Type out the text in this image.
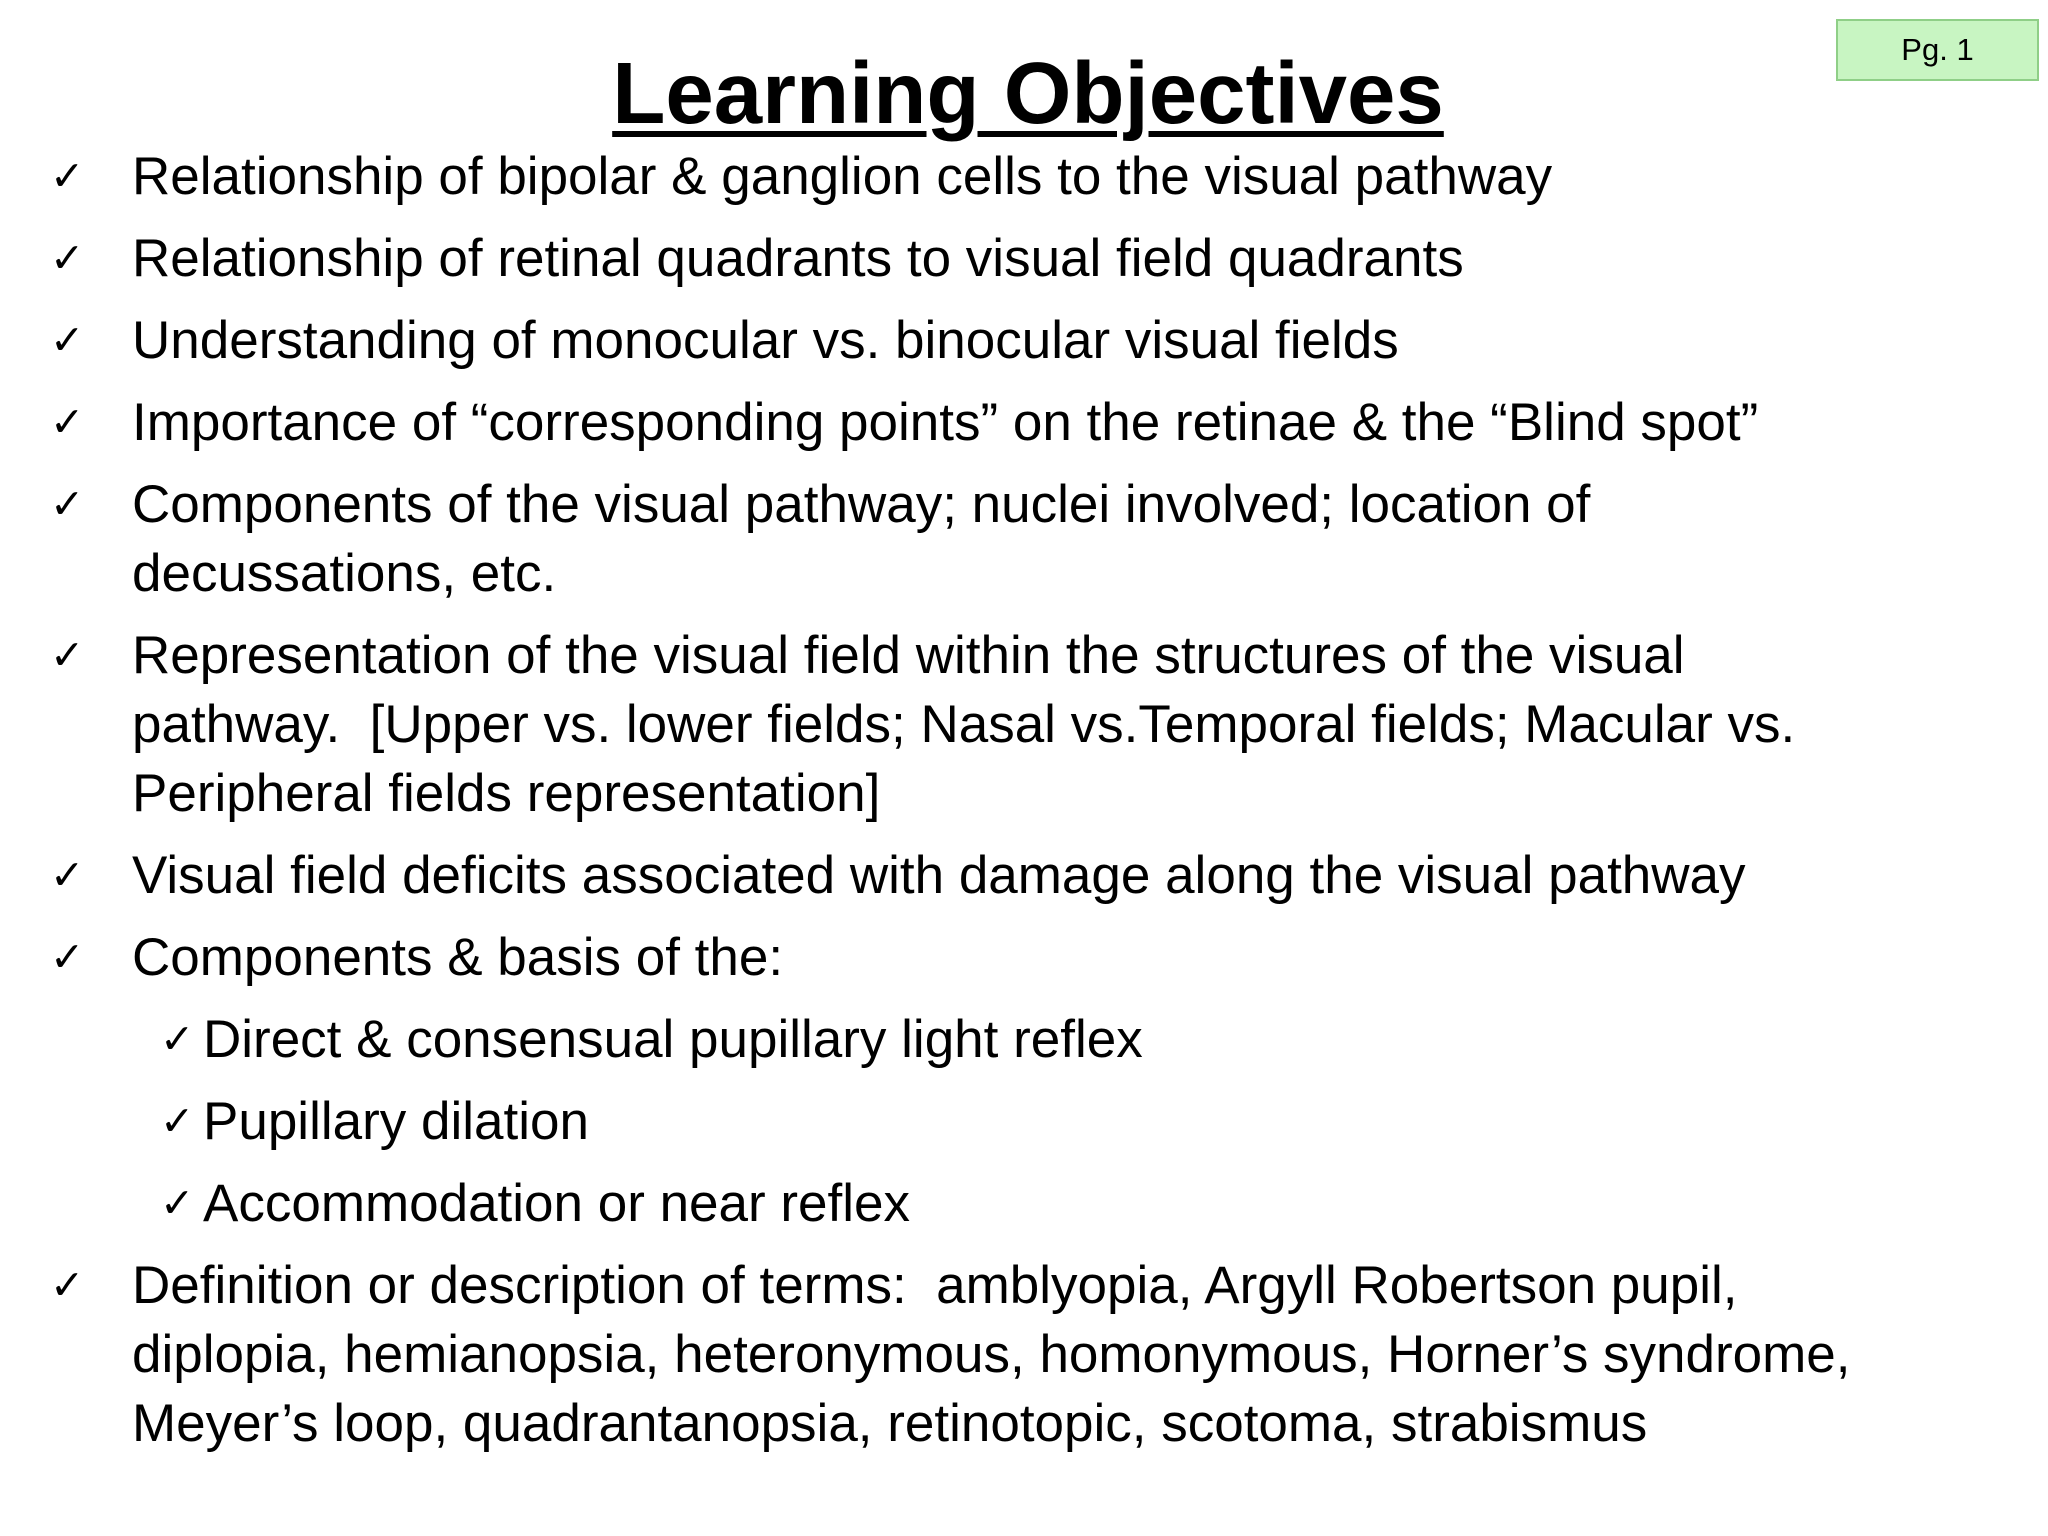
Pg. 1
Learning Objectives
✓ Relationship of bipolar & ganglion cells to the visual pathway
✓ Relationship of retinal quadrants to visual field quadrants
✓ Understanding of monocular vs. binocular visual fields
✓ Importance of “corresponding points” on the retinae & the “Blind spot”
✓ Components of the visual pathway; nuclei involved; location of
decussations, etc.
✓ Representation of the visual field within the structures of the visual
pathway.  [Upper vs. lower fields; Nasal vs.Temporal fields; Macular vs.
Peripheral fields representation]
✓ Visual field deficits associated with damage along the visual pathway
✓ Components & basis of the:
✓ Direct & consensual pupillary light reflex
✓ Pupillary dilation
✓ Accommodation or near reflex
✓ Definition or description of terms:  amblyopia, Argyll Robertson pupil,
diplopia, hemianopsia, heteronymous, homonymous, Horner’s syndrome,
Meyer’s loop, quadrantanopsia, retinotopic, scotoma, strabismus
